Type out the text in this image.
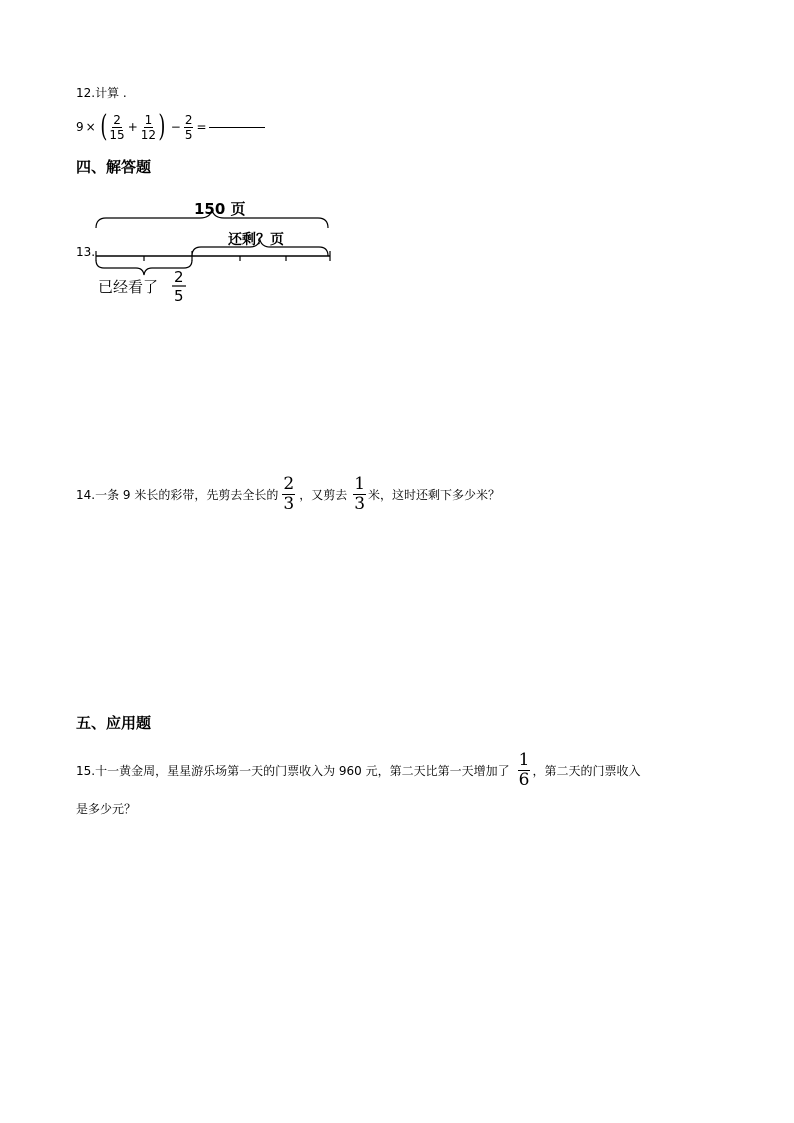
12.计算 .
9 × ( $\frac{2}{15} + \frac{1}{12}$ ) − $\frac{2}{5}$ =
四、解答题
13.
150 页
还剩？页
已经看了
2
5
14.一条 9 米长的彩带，先剪去全长的 $\frac{2}{3}$ ，又剪去 $\frac{1}{3}$ 米，这时还剩下多少米？
五、应用题
15.十一黄金周，星星游乐场第一天的门票收入为 960 元，第二天比第一天增加了 $\frac{1}{6}$ ，第二天的门票收入
是多少元？
